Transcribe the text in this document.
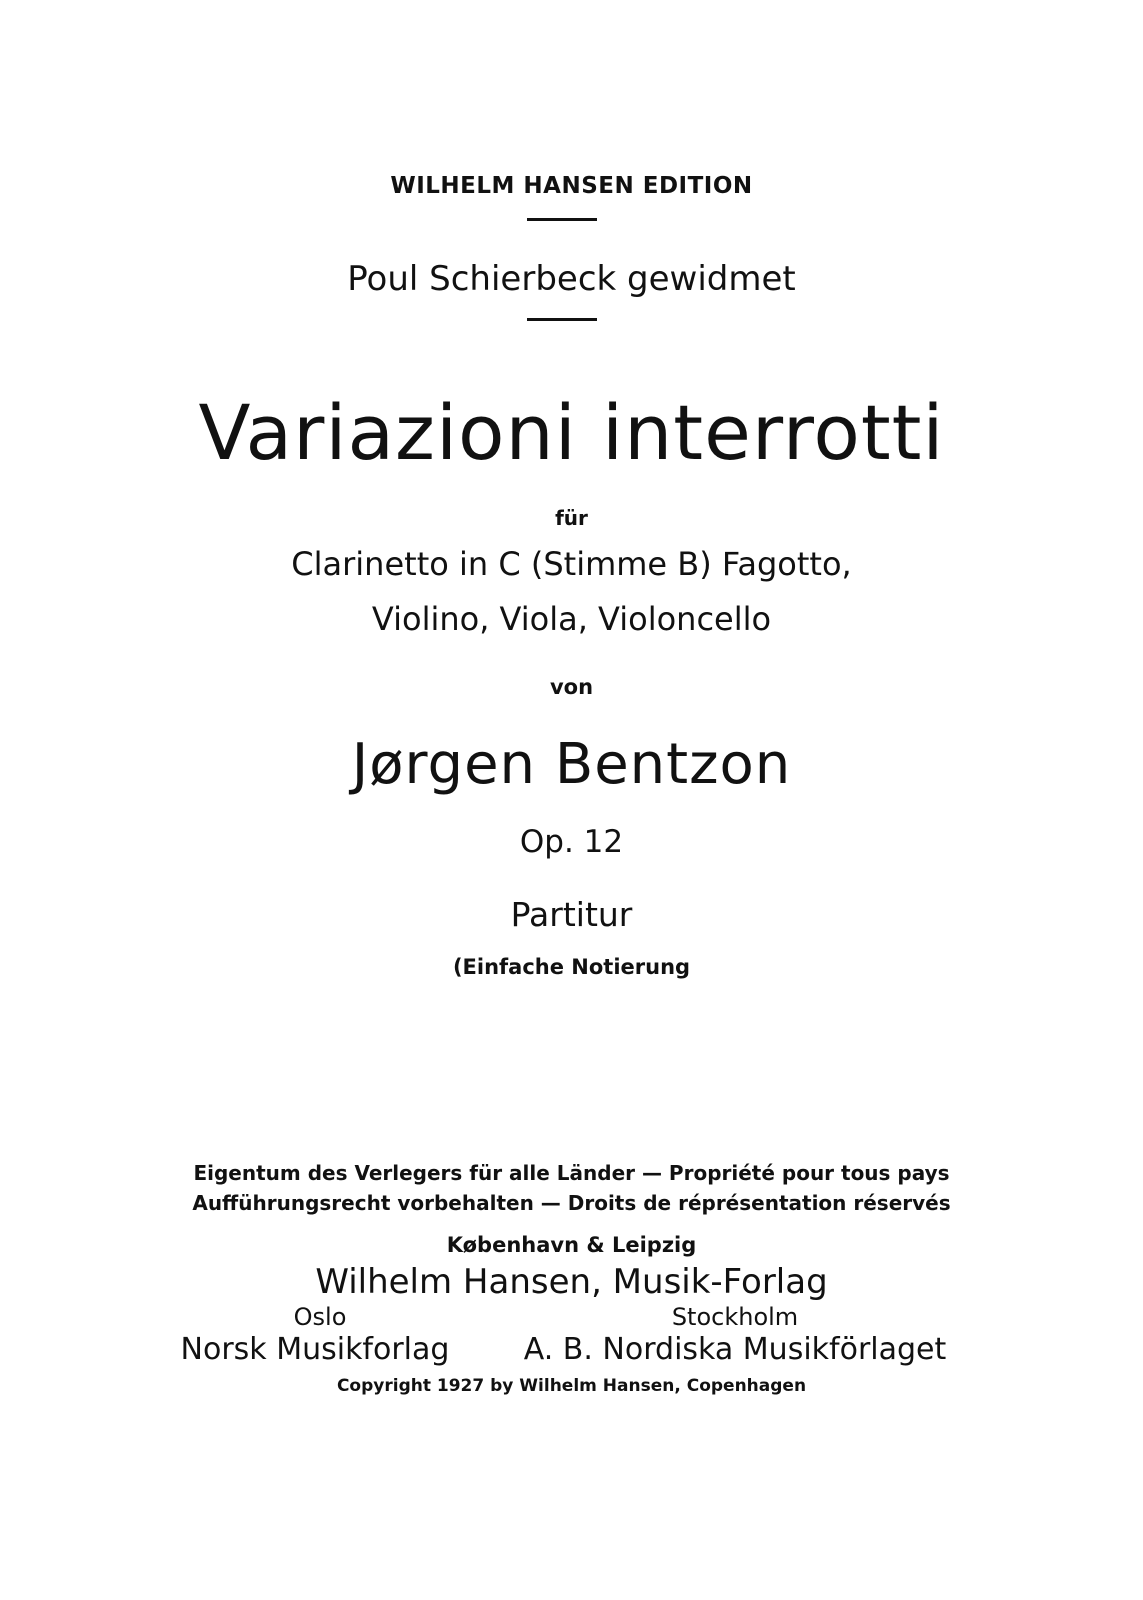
WILHELM HANSEN EDITION
Poul Schierbeck gewidmet
Variazioni interrotti
für
Clarinetto in C (Stimme B) Fagotto,
Violino, Viola, Violoncello
von
Jørgen Bentzon
Op. 12
Partitur
(Einfache Notierung
Eigentum des Verlegers für alle Länder — Propriété pour tous pays
Aufführungsrecht vorbehalten — Droits de réprésentation réservés
København & Leipzig
Wilhelm Hansen, Musik-Forlag
Oslo	Stockholm
Norsk Musikforlag A. B. Nordiska Musikförlaget
Copyright 1927 by Wilhelm Hansen, Copenhagen
